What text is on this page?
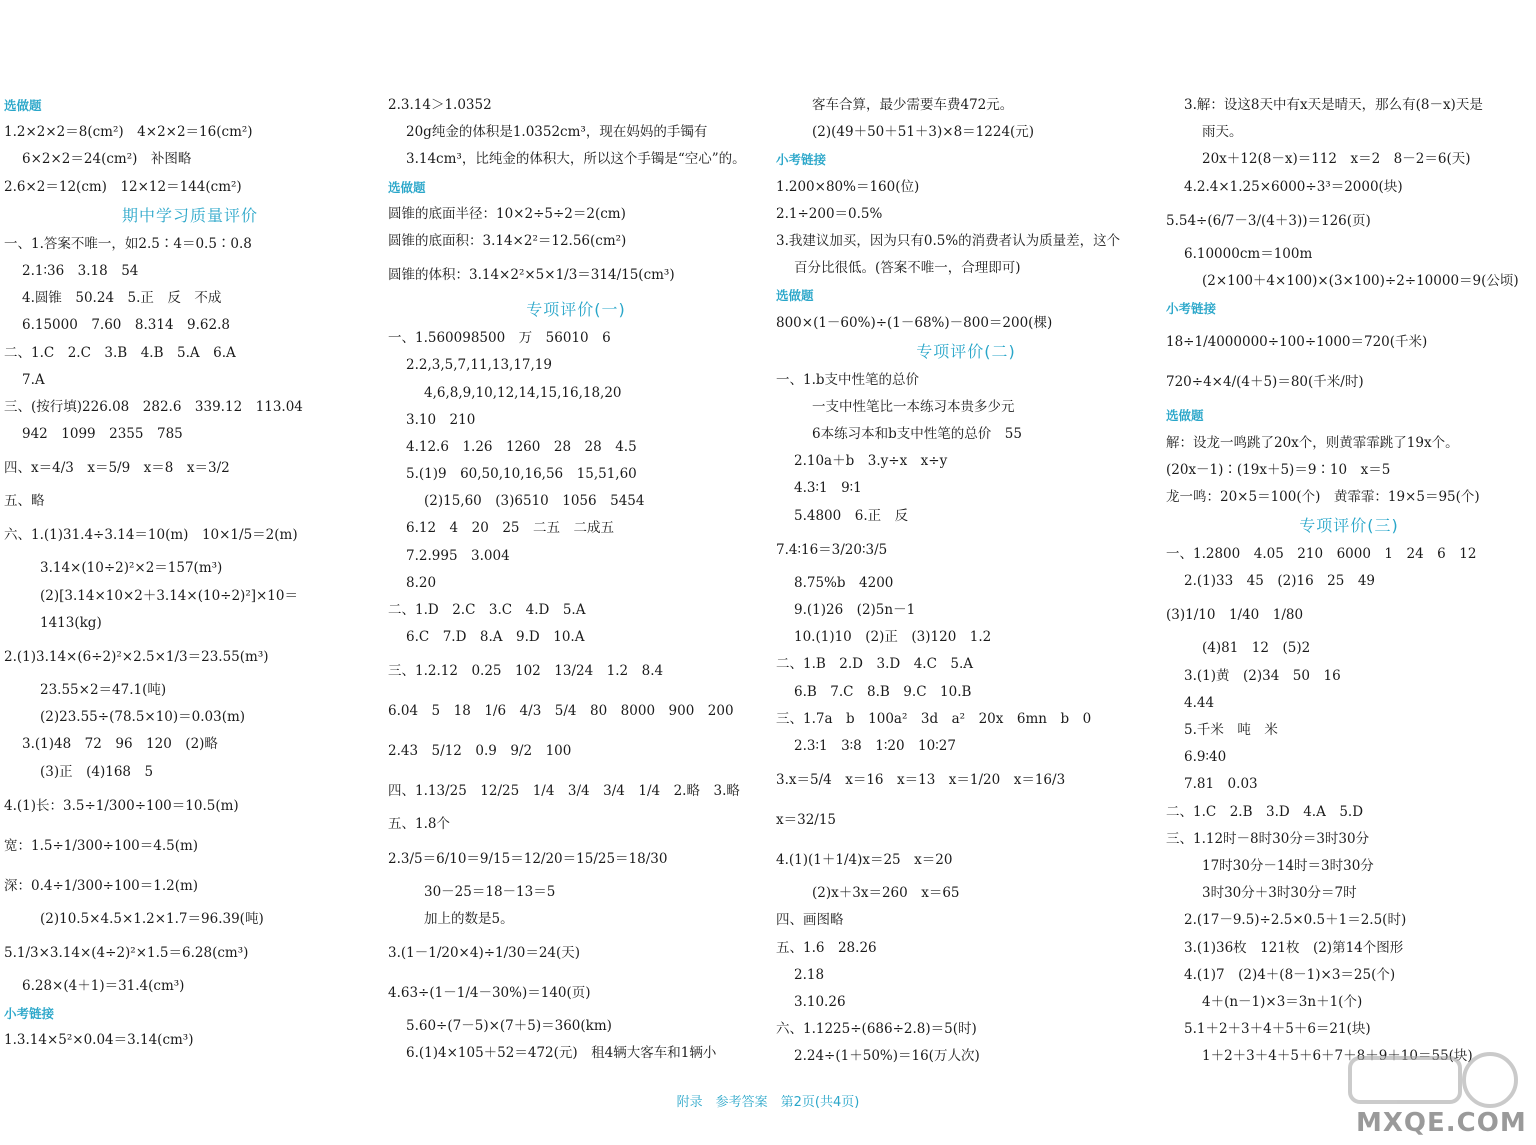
选做题
1.2×2×2＝8(cm²)　4×2×2＝16(cm²)
6×2×2＝24(cm²)　补图略
2.6×2＝12(cm)　12×12＝144(cm²)
期中学习质量评价
一、1.答案不唯一，如2.5∶4＝0.5∶0.8
2.1∶36　3.18　54
4.圆锥　50.24　5.正　反　不成
6.15000　7.60　8.314　9.62.8
二、1.C　2.C　3.B　4.B　5.A　6.A
7.A
三、(按行填)226.08　282.6　339.12　113.04
942　1099　2355　785
四、x＝4/3　x＝5/9　x＝8　x＝3/2
五、略
六、1.(1)31.4÷3.14＝10(m)　10×1/5＝2(m)
3.14×(10÷2)²×2＝157(m³)
(2)[3.14×10×2＋3.14×(10÷2)²]×10＝
1413(kg)
2.(1)3.14×(6÷2)²×2.5×1/3＝23.55(m³)
23.55×2＝47.1(吨)
(2)23.55÷(78.5×10)＝0.03(m)
3.(1)48　72　96　120　(2)略
(3)正　(4)168　5
4.(1)长：3.5÷1/300÷100＝10.5(m)
宽：1.5÷1/300÷100＝4.5(m)
深：0.4÷1/300÷100＝1.2(m)
(2)10.5×4.5×1.2×1.7＝96.39(吨)
5.1/3×3.14×(4÷2)²×1.5＝6.28(cm³)
6.28×(4＋1)＝31.4(cm³)
小考链接
1.3.14×5²×0.04＝3.14(cm³)
2.3.14＞1.0352
20g纯金的体积是1.0352cm³，现在妈妈的手镯有
3.14cm³，比纯金的体积大，所以这个手镯是“空心”的。
选做题
圆锥的底面半径：10×2÷5÷2＝2(cm)
圆锥的底面积：3.14×2²＝12.56(cm²)
圆锥的体积：3.14×2²×5×1/3＝314/15(cm³)
专项评价(一)
一、1.560098500　万　56010　6
2.2,3,5,7,11,13,17,19
4,6,8,9,10,12,14,15,16,18,20
3.10　210
4.12.6　1.26　1260　28　28　4.5
5.(1)9　60,50,10,16,56　15,51,60
(2)15,60　(3)6510　1056　5454
6.12　4　20　25　二五　二成五
7.2.995　3.004
8.20
二、1.D　2.C　3.C　4.D　5.A
6.C　7.D　8.A　9.D　10.A
三、1.2.12　0.25　102　13/24　1.2　8.4
6.04　5　18　1/6　4/3　5/4　80　8000　900　200
2.43　5/12　0.9　9/2　100
四、1.13/25　12/25　1/4　3/4　3/4　1/4　2.略　3.略
五、1.8个
2.3/5＝6/10＝9/15＝12/20＝15/25＝18/30
30－25＝18－13＝5
加上的数是5。
3.(1－1/20×4)÷1/30＝24(天)
4.63÷(1－1/4－30%)＝140(页)
5.60÷(7－5)×(7＋5)＝360(km)
6.(1)4×105＋52＝472(元)　租4辆大客车和1辆小
客车合算，最少需要车费472元。
(2)(49＋50＋51＋3)×8＝1224(元)
小考链接
1.200×80%＝160(位)
2.1÷200＝0.5%
3.我建议加买，因为只有0.5%的消费者认为质量差，这个
百分比很低。(答案不唯一，合理即可)
选做题
800×(1－60%)÷(1－68%)－800＝200(棵)
专项评价(二)
一、1.b支中性笔的总价
一支中性笔比一本练习本贵多少元
6本练习本和b支中性笔的总价　55
2.10a＋b　3.y÷x　x÷y
4.3∶1　9∶1
5.4800　6.正　反
7.4∶16＝3/20∶3/5
8.75%b　4200
9.(1)26　(2)5n－1
10.(1)10　(2)正　(3)120　1.2
二、1.B　2.D　3.D　4.C　5.A
6.B　7.C　8.B　9.C　10.B
三、1.7a　b　100a²　3d　a²　20x　6mn　b　0
2.3∶1　3∶8　1∶20　10∶27
3.x＝5/4　x＝16　x＝13　x＝1/20　x＝16/3
x＝32/15
4.(1)(1＋1/4)x＝25　x＝20
(2)x＋3x＝260　x＝65
四、画图略
五、1.6　28.26
2.18
3.10.26
六、1.1225÷(686÷2.8)＝5(时)
2.24÷(1＋50%)＝16(万人次)
3.解：设这8天中有x天是晴天，那么有(8－x)天是
雨天。
20x＋12(8－x)＝112　x＝2　8－2＝6(天)
4.2.4×1.25×6000÷3³＝2000(块)
5.54÷(6/7－3/(4＋3))＝126(页)
6.10000cm＝100m
(2×100＋4×100)×(3×100)÷2÷10000＝9(公顷)
小考链接
18÷1/4000000÷100÷1000＝720(千米)
720÷4×4/(4＋5)＝80(千米/时)
选做题
解：设龙一鸣跳了20x个，则黄霏霏跳了19x个。
(20x－1)∶(19x＋5)＝9∶10　x＝5
龙一鸣：20×5＝100(个)　黄霏霏：19×5＝95(个)
专项评价(三)
一、1.2800　4.05　210　6000　1　24　6　12
2.(1)33　45　(2)16　25　49
(3)1/10　1/40　1/80
(4)81　12　(5)2
3.(1)黄　(2)34　50　16
4.44
5.千米　吨　米
6.9∶40
7.81　0.03
二、1.C　2.B　3.D　4.A　5.D
三、1.12时－8时30分＝3时30分
17时30分－14时＝3时30分
3时30分＋3时30分＝7时
2.(17－9.5)÷2.5×0.5＋1＝2.5(时)
3.(1)36枚　121枚　(2)第14个图形
4.(1)7　(2)4＋(8－1)×3＝25(个)
4＋(n－1)×3＝3n＋1(个)
5.1＋2＋3＋4＋5＋6＝21(块)
1＋2＋3＋4＋5＋6＋7＋8＋9＋10＝55(块)
附录　参考答案　第2页(共4页)
MXQE.COM
